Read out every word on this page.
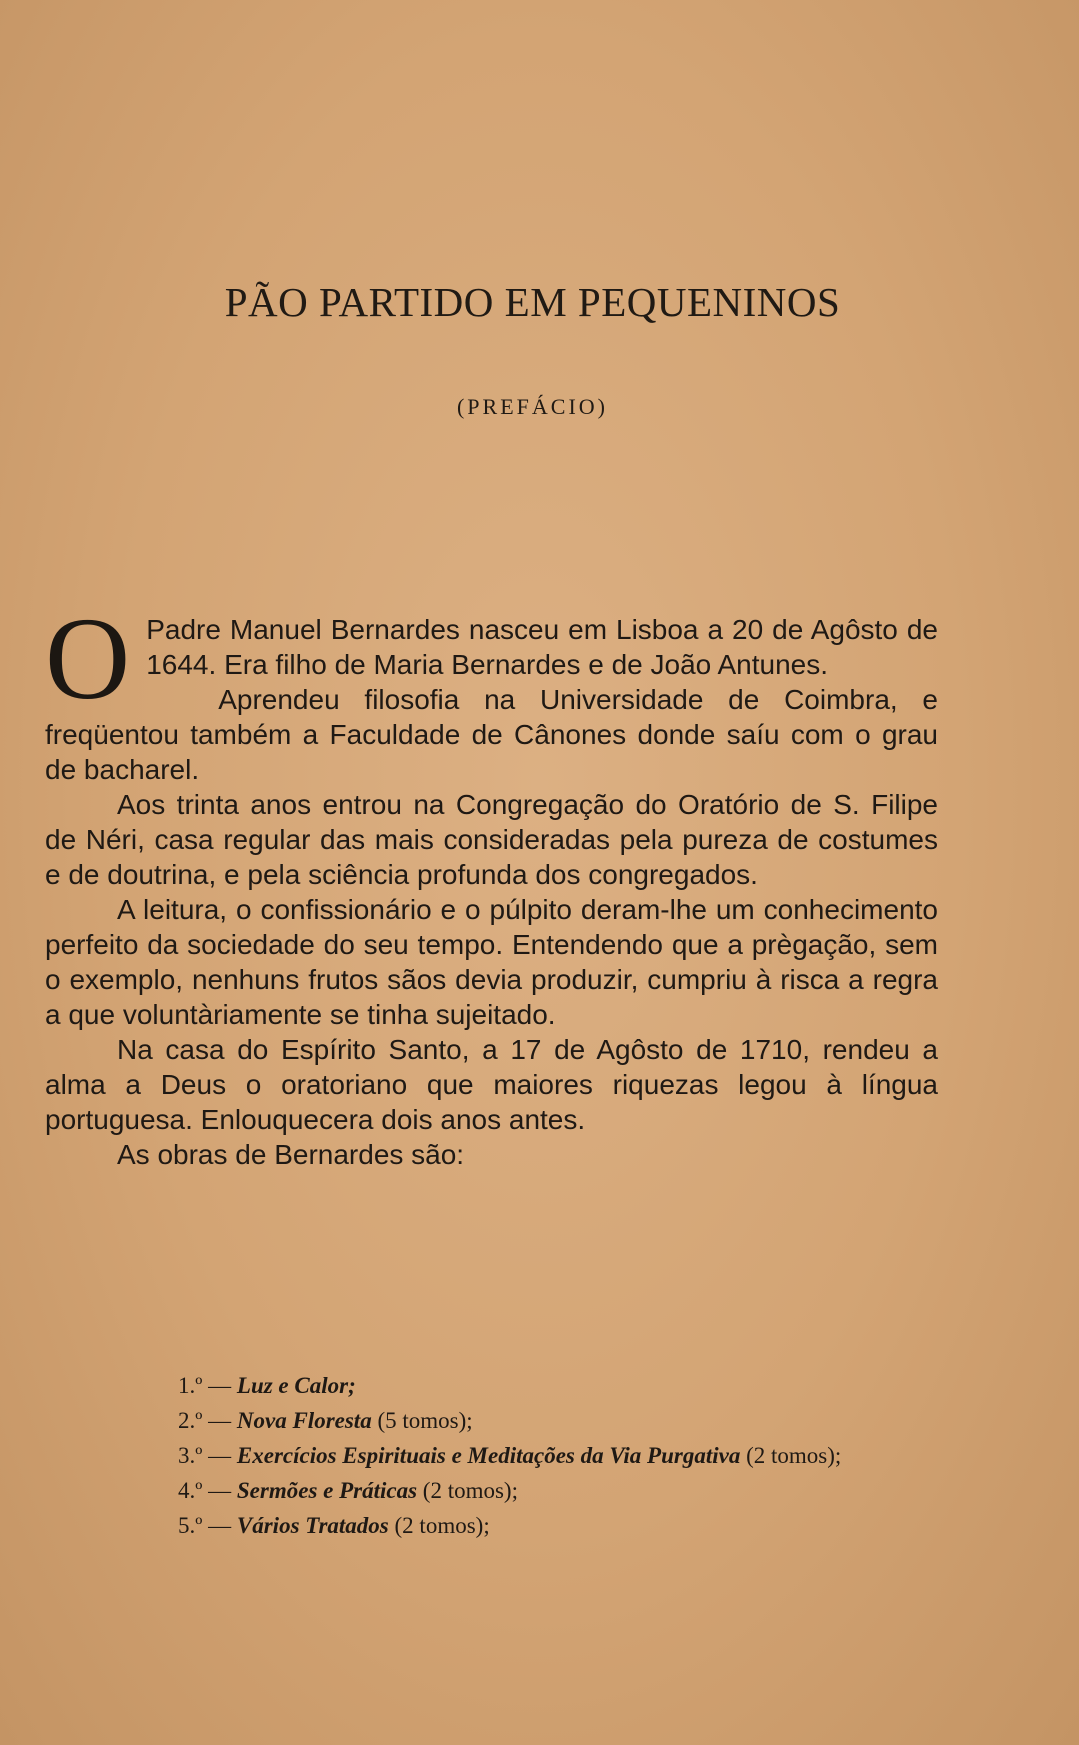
PÃO PARTIDO EM PEQUENINOS
(PREFÁCIO)

O Padre Manuel Bernardes nasceu em Lisboa a 20 de Agôsto de 1644. Era filho de Maria Bernardes e de João Antunes.

Aprendeu filosofia na Universidade de Coimbra, e freqüentou também a Faculdade de Cânones donde saíu com o grau de bacharel.

Aos trinta anos entrou na Congregação do Oratório de S. Filipe de Néri, casa regular das mais consideradas pela pureza de costumes e de doutrina, e pela sciência profunda dos congregados.

A leitura, o confissionário e o púlpito deram-lhe um conhecimento perfeito da sociedade do seu tempo. Entendendo que a prègação, sem o exemplo, nenhuns frutos sãos devia produzir, cumpriu à risca a regra a que voluntàriamente se tinha sujeitado.

Na casa do Espírito Santo, a 17 de Agôsto de 1710, rendeu a alma a Deus o oratoriano que maiores riquezas legou à língua portuguesa. Enlouquecera dois anos antes.

As obras de Bernardes são:

1.º — Luz e Calor;

2.º — Nova Floresta (5 tomos);

3.º — Exercícios Espirituais e Meditações da Via Purgativa (2 tomos);

4.º — Sermões e Práticas (2 tomos);

5.º — Vários Tratados (2 tomos);
